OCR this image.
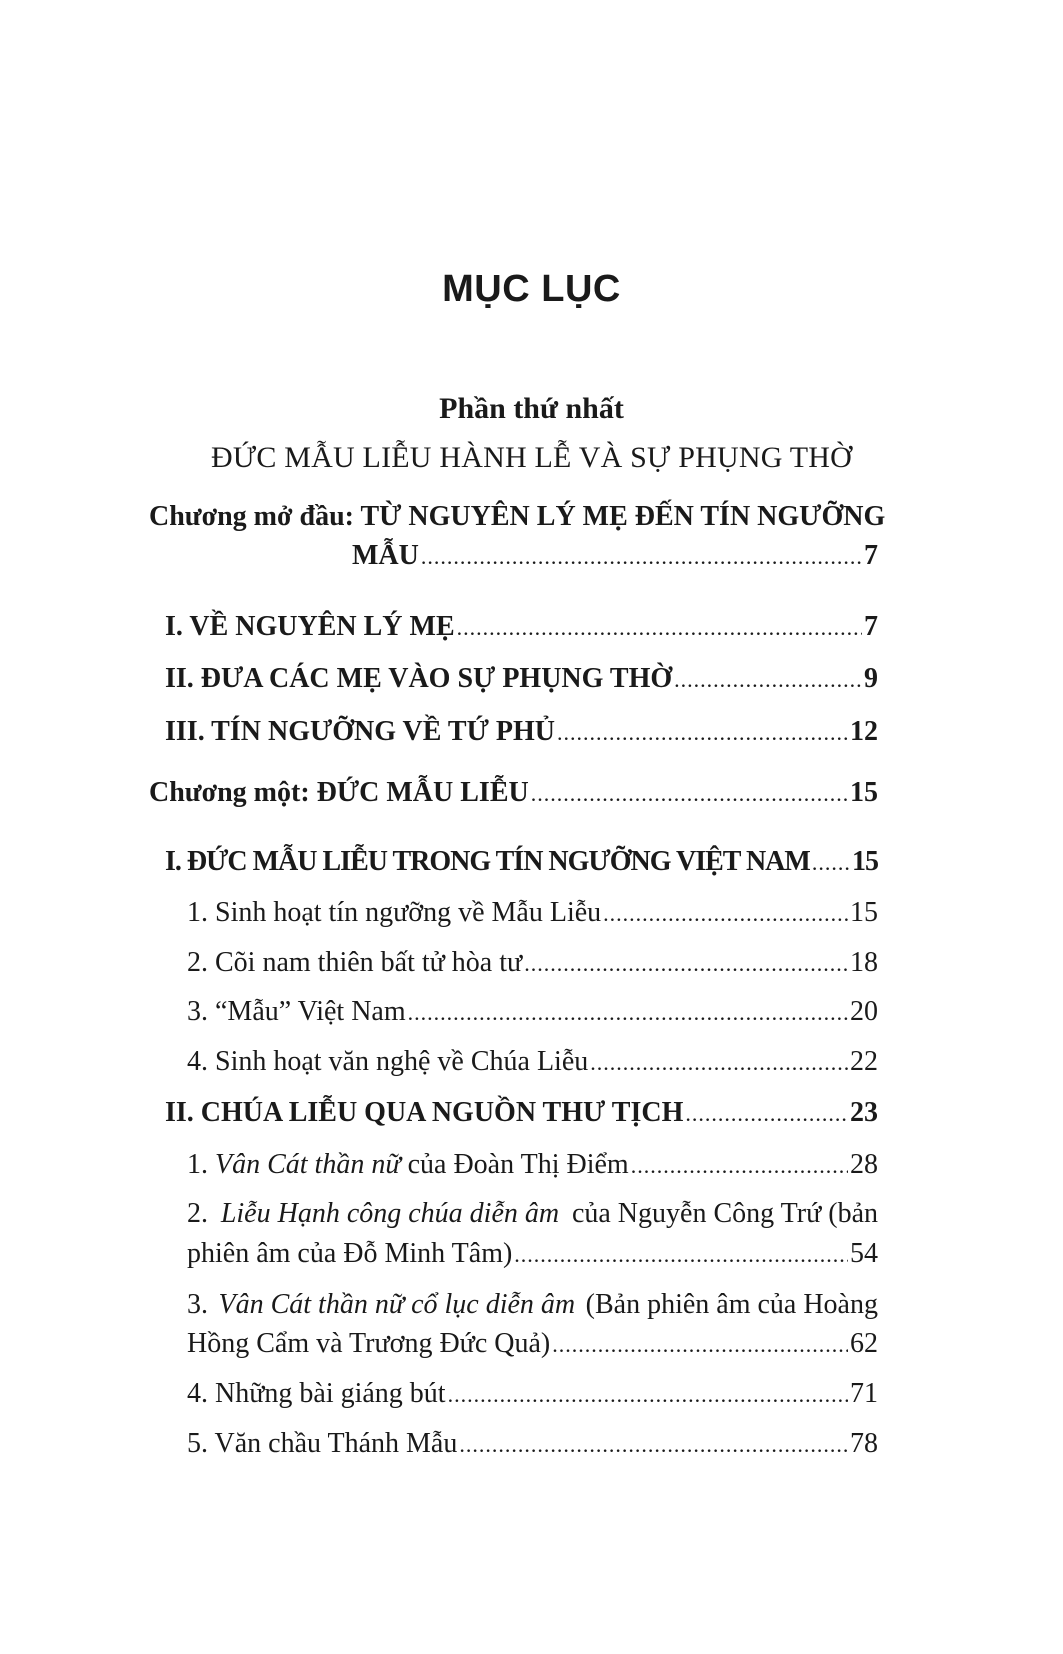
MỤC LỤC
Phần thứ nhất
ĐỨC MẪU LIỄU HÀNH LỄ VÀ SỰ PHỤNG THỜ
Chương mở đầu: TỪ NGUYÊN LÝ MẸ ĐẾN TÍN NGƯỠNG
MẪU .....	7
I. VỀ NGUYÊN LÝ MẸ .....	7
II. ĐƯA CÁC MẸ VÀO SỰ PHỤNG THỜ .....	9
III. TÍN NGƯỠNG VỀ TỨ PHỦ .....	12
Chương một: ĐỨC MẪU LIỄU .....	15
I. ĐỨC MẪU LIỄU TRONG TÍN NGƯỠNG VIỆT NAM ..... 15
1. Sinh hoạt tín ngưỡng về Mẫu Liễu .....	15
2. Cõi nam thiên bất tử hòa tư .....	18
3. “Mẫu” Việt Nam .....	20
4. Sinh hoạt văn nghệ về Chúa Liễu .....	22
II. CHÚA LIỄU QUA NGUỒN THƯ TỊCH .....	23
1. Vân Cát thần nữ của Đoàn Thị Điểm .....	28
2. Liễu Hạnh công chúa diễn âm của Nguyễn Công Trứ (bản
phiên âm của Đỗ Minh Tâm) .....	54
3. Vân Cát thần nữ cổ lục diễn âm (Bản phiên âm của Hoàng
Hồng Cẩm và Trương Đức Quả) .....	62
4. Những bài giáng bút .....	71
5. Văn chầu Thánh Mẫu .....	78
